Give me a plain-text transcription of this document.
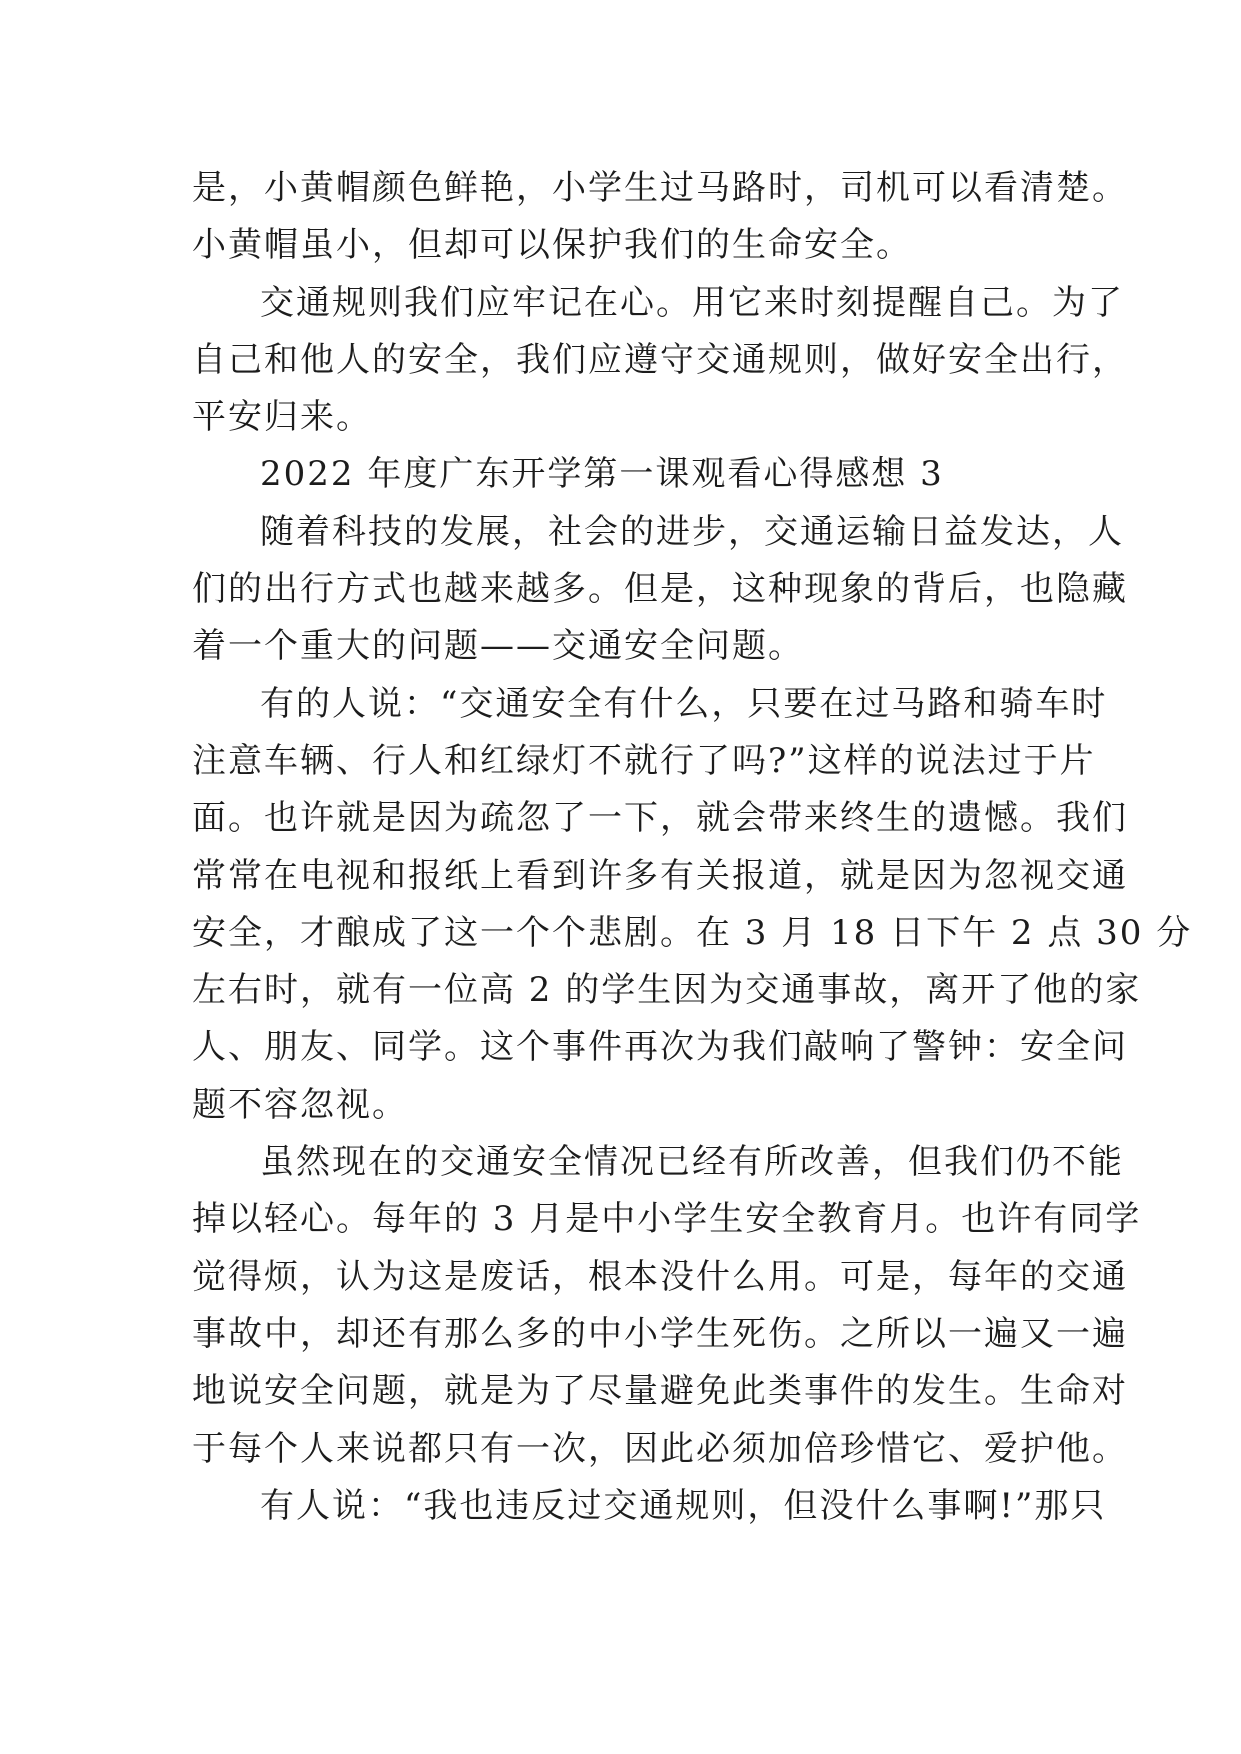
是，小黄帽颜色鲜艳，小学生过马路时，司机可以看清楚。
小黄帽虽小，但却可以保护我们的生命安全。
交通规则我们应牢记在心。用它来时刻提醒自己。为了
自己和他人的安全，我们应遵守交通规则，做好安全出行，
平安归来。
2022 年度广东开学第一课观看心得感想 3
随着科技的发展，社会的进步，交通运输日益发达，人
们的出行方式也越来越多。但是，这种现象的背后，也隐藏
着一个重大的问题——交通安全问题。
有的人说：“交通安全有什么，只要在过马路和骑车时
注意车辆、行人和红绿灯不就行了吗?”这样的说法过于片
面。也许就是因为疏忽了一下，就会带来终生的遗憾。我们
常常在电视和报纸上看到许多有关报道，就是因为忽视交通
安全，才酿成了这一个个悲剧。在 3 月 18 日下午 2 点 30 分
左右时，就有一位高 2 的学生因为交通事故，离开了他的家
人、朋友、同学。这个事件再次为我们敲响了警钟：安全问
题不容忽视。
虽然现在的交通安全情况已经有所改善，但我们仍不能
掉以轻心。每年的 3 月是中小学生安全教育月。也许有同学
觉得烦，认为这是废话，根本没什么用。可是，每年的交通
事故中，却还有那么多的中小学生死伤。之所以一遍又一遍
地说安全问题，就是为了尽量避免此类事件的发生。生命对
于每个人来说都只有一次，因此必须加倍珍惜它、爱护他。
有人说：“我也违反过交通规则，但没什么事啊!”那只
